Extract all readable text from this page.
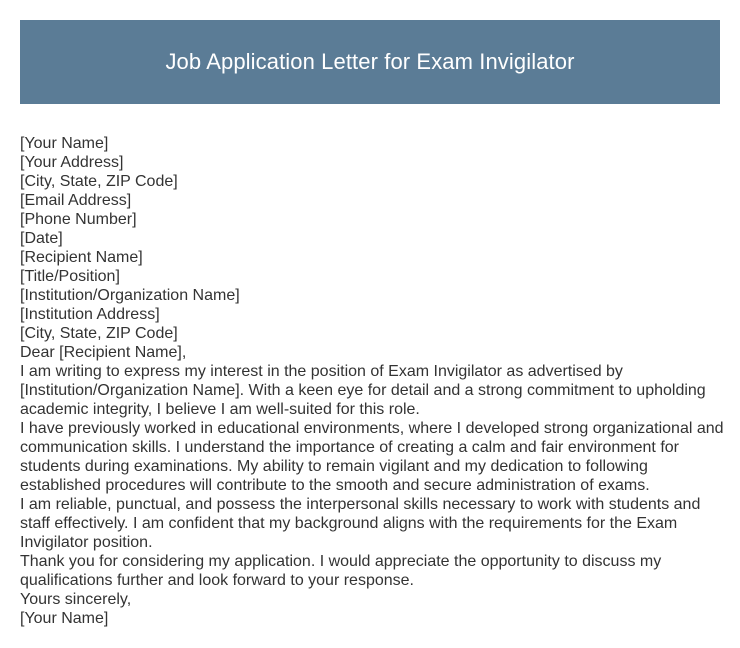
Job Application Letter for Exam Invigilator
[Your Name]
[Your Address]
[City, State, ZIP Code]
[Email Address]
[Phone Number]
[Date]
[Recipient Name]
[Title/Position]
[Institution/Organization Name]
[Institution Address]
[City, State, ZIP Code]
Dear [Recipient Name],
I am writing to express my interest in the position of Exam Invigilator as advertised by [Institution/Organization Name]. With a keen eye for detail and a strong commitment to upholding academic integrity, I believe I am well-suited for this role.
I have previously worked in educational environments, where I developed strong organizational and communication skills. I understand the importance of creating a calm and fair environment for students during examinations. My ability to remain vigilant and my dedication to following established procedures will contribute to the smooth and secure administration of exams.
I am reliable, punctual, and possess the interpersonal skills necessary to work with students and staff effectively. I am confident that my background aligns with the requirements for the Exam Invigilator position.
Thank you for considering my application. I would appreciate the opportunity to discuss my qualifications further and look forward to your response.
Yours sincerely,
[Your Name]
